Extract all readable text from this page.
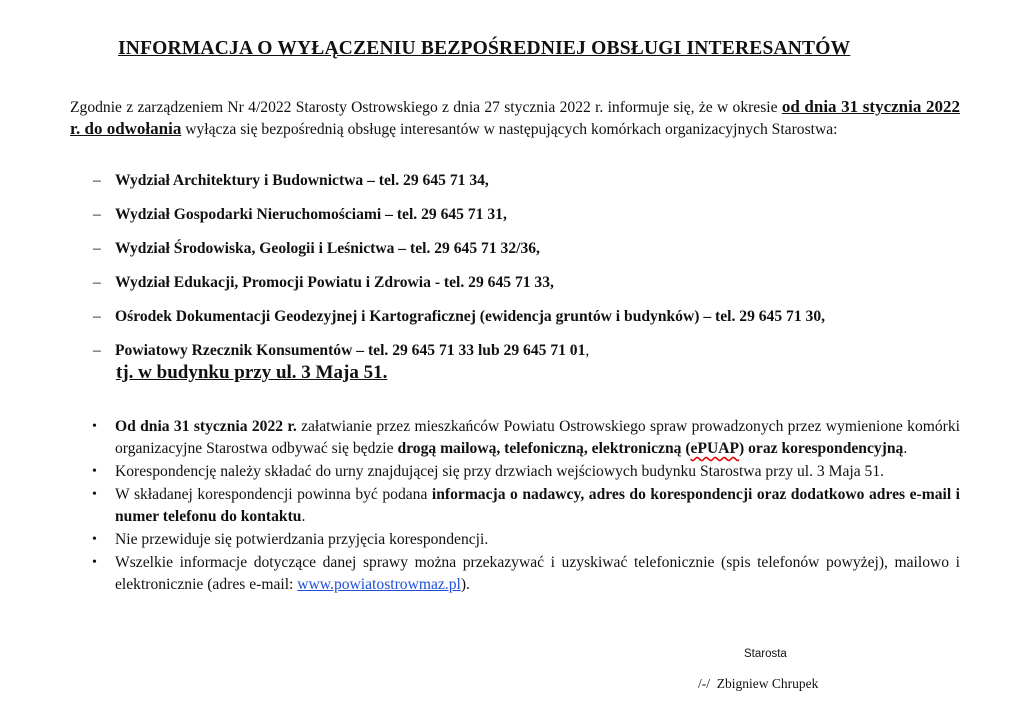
INFORMACJA O WYŁĄCZENIU BEZPOŚREDNIEJ OBSŁUGI INTERESANTÓW
Zgodnie z zarządzeniem Nr 4/2022 Starosty Ostrowskiego z dnia 27 stycznia 2022 r. informuje się, że w okresie od dnia 31 stycznia 2022 r. do odwołania wyłącza się bezpośrednią obsługę interesantów w następujących komórkach organizacyjnych Starostwa:
– Wydział Architektury i Budownictwa – tel. 29 645 71 34,
– Wydział Gospodarki Nieruchomościami – tel. 29 645 71 31,
– Wydział Środowiska, Geologii i Leśnictwa – tel. 29 645 71 32/36,
– Wydział Edukacji, Promocji Powiatu i Zdrowia - tel. 29 645 71 33,
– Ośrodek Dokumentacji Geodezyjnej i Kartograficznej (ewidencja gruntów i budynków) – tel. 29 645 71 30,
– Powiatowy Rzecznik Konsumentów – tel. 29 645 71 33 lub 29 645 71 01,
tj. w budynku przy ul. 3 Maja 51.
• Od dnia 31 stycznia 2022 r. załatwianie przez mieszkańców Powiatu Ostrowskiego spraw prowadzonych przez wymienione komórki organizacyjne Starostwa odbywać się będzie drogą mailową, telefoniczną, elektroniczną (ePUAP) oraz korespondencyjną.
• Korespondencję należy składać do urny znajdującej się przy drzwiach wejściowych budynku Starostwa przy ul. 3 Maja 51.
• W składanej korespondencji powinna być podana informacja o nadawcy, adres do korespondencji oraz dodatkowo adres e-mail i numer telefonu do kontaktu.
• Nie przewiduje się potwierdzania przyjęcia korespondencji.
• Wszelkie informacje dotyczące danej sprawy można przekazywać i uzyskiwać telefonicznie (spis telefonów powyżej), mailowo i elektronicznie (adres e-mail: www.powiatostrowmaz.pl).
Starosta
/-/  Zbigniew Chrupek
